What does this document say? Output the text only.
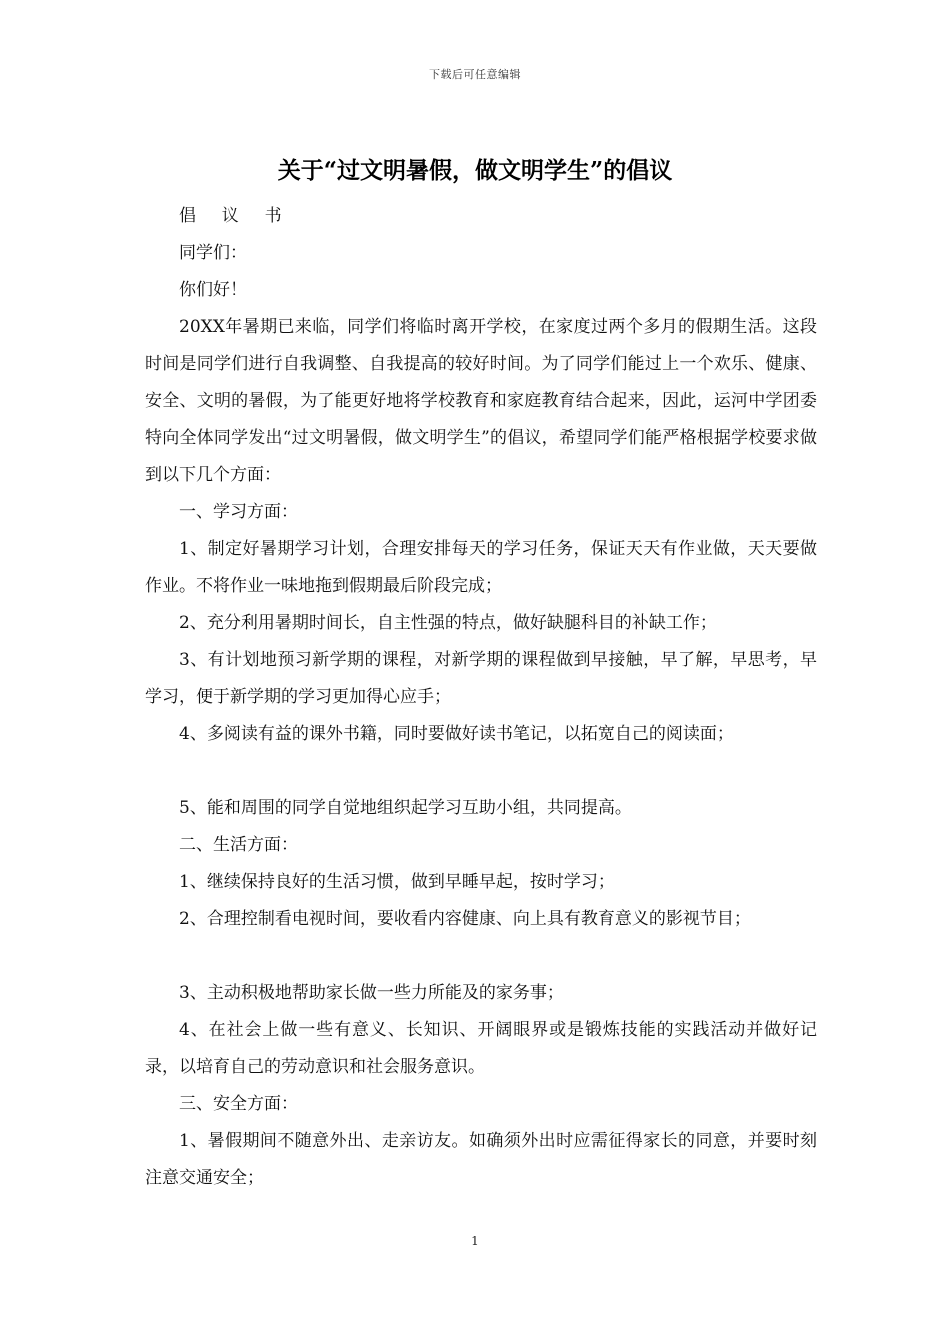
下载后可任意编辑
关于“过文明暑假，做文明学生”的倡议

倡 议 书

同学们：

你们好！

20XX年暑期已来临，同学们将临时离开学校，在家度过两个多月的假期生活。这段时间是同学们进行自我调整、自我提高的较好时间。为了同学们能过上一个欢乐、健康、安全、文明的暑假，为了能更好地将学校教育和家庭教育结合起来，因此，运河中学团委特向全体同学发出“过文明暑假，做文明学生”的倡议，希望同学们能严格根据学校要求做到以下几个方面：

一、学习方面：

1、制定好暑期学习计划，合理安排每天的学习任务，保证天天有作业做，天天要做作业。不将作业一味地拖到假期最后阶段完成；

2、充分利用暑期时间长，自主性强的特点，做好缺腿科目的补缺工作；

3、有计划地预习新学期的课程，对新学期的课程做到早接触，早了解，早思考，早学习，便于新学期的学习更加得心应手；

4、多阅读有益的课外书籍，同时要做好读书笔记，以拓宽自己的阅读面；

5、能和周围的同学自觉地组织起学习互助小组，共同提高。

二、生活方面：

1、继续保持良好的生活习惯，做到早睡早起，按时学习；

2、合理控制看电视时间，要收看内容健康、向上具有教育意义的影视节目；

3、主动积极地帮助家长做一些力所能及的家务事；

4、在社会上做一些有意义、长知识、开阔眼界或是锻炼技能的实践活动并做好记录，以培育自己的劳动意识和社会服务意识。

三、安全方面：

1、暑假期间不随意外出、走亲访友。如确须外出时应需征得家长的同意，并要时刻注意交通安全；

1
